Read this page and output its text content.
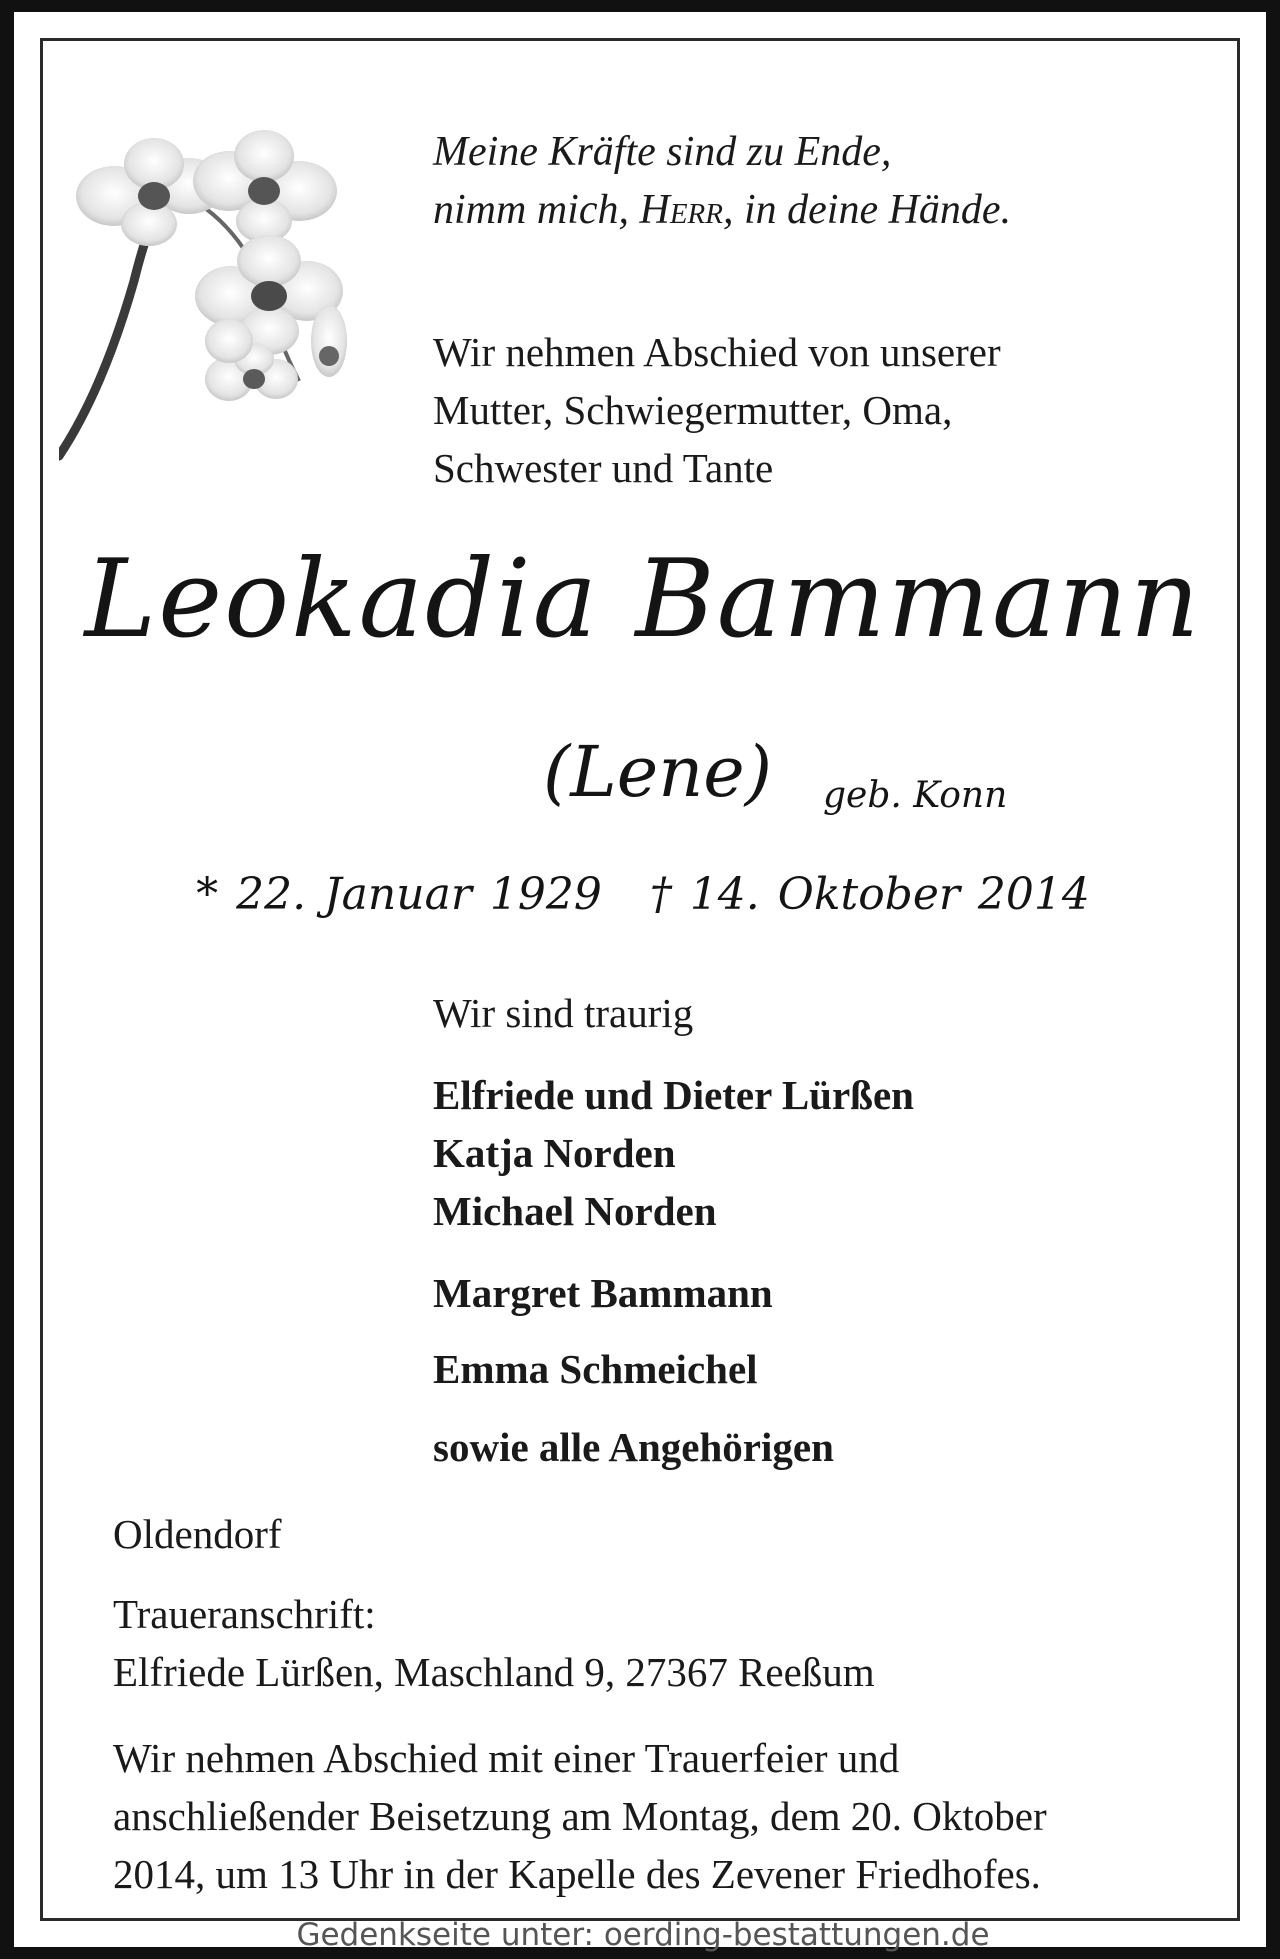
Meine Kräfte sind zu Ende,
nimm mich, Herr, in deine Hände.
Wir nehmen Abschied von unserer
Mutter, Schwiegermutter, Oma,
Schwester und Tante
Leokadia Bammann
(Lene) geb. Konn
* 22. Januar 1929 † 14. Oktober 2014
Wir sind traurig
Elfriede und Dieter Lürßen
Katja Norden
Michael Norden
Margret Bammann
Emma Schmeichel
sowie alle Angehörigen
Oldendorf
Traueranschrift:
Elfriede Lürßen, Maschland 9, 27367 Reeßum
Wir nehmen Abschied mit einer Trauerfeier und
anschließender Beisetzung am Montag, dem 20. Oktober
2014, um 13 Uhr in der Kapelle des Zevener Friedhofes.
Gedenkseite unter: oerding-bestattungen.de
